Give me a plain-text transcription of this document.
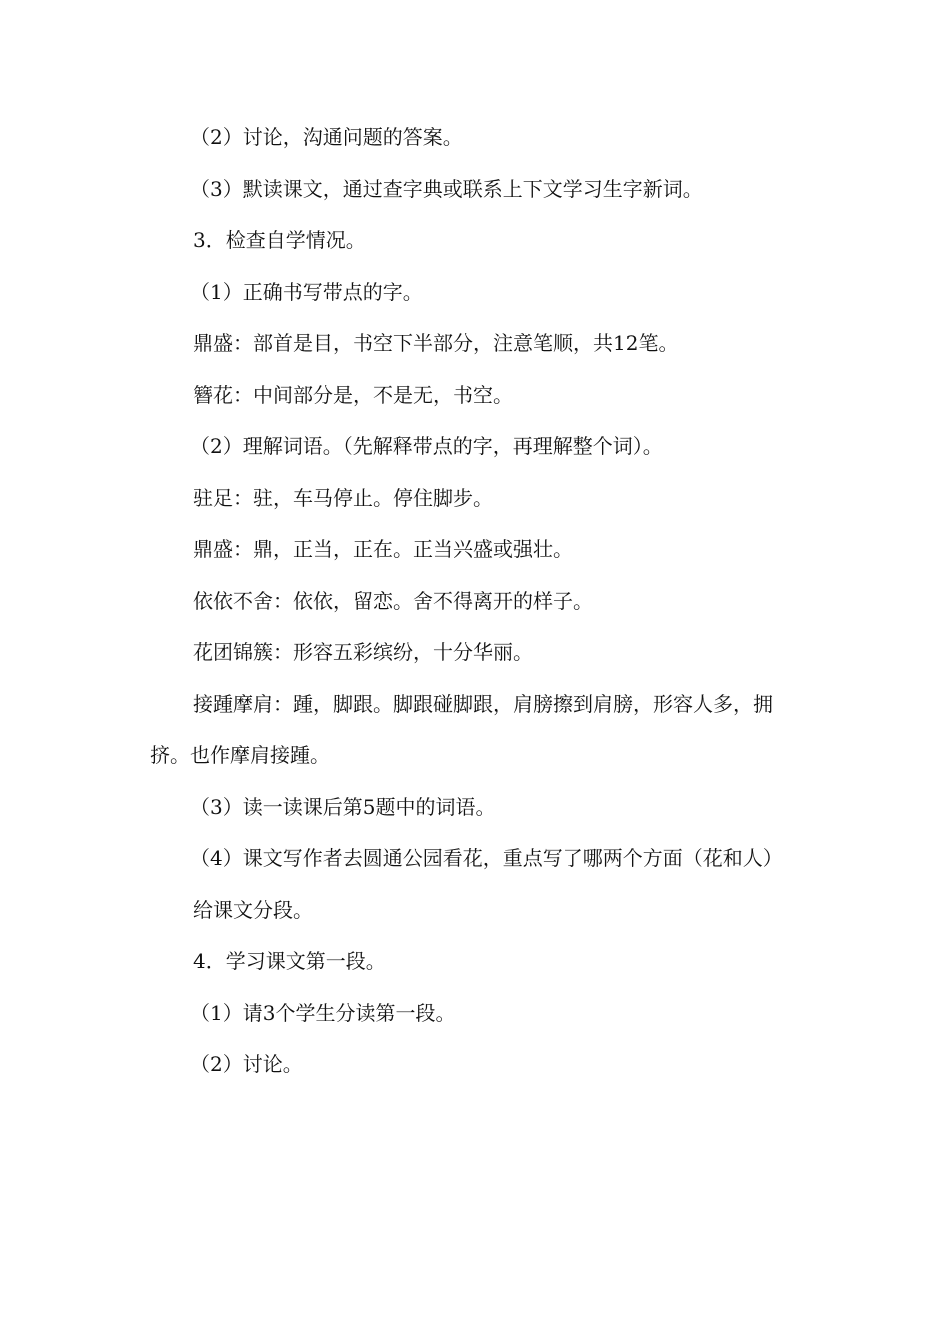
（2）讨论，沟通问题的答案。

（3）默读课文，通过查字典或联系上下文学习生字新词。

3．检查自学情况。

（1）正确书写带点的字。

鼎盛：部首是目，书空下半部分，注意笔顺，共12笔。

簪花：中间部分是，不是无，书空。

（2）理解词语。（先解释带点的字，再理解整个词）。

驻足：驻，车马停止。停住脚步。

鼎盛：鼎，正当，正在。正当兴盛或强壮。

依依不舍：依依，留恋。舍不得离开的样子。

花团锦簇：形容五彩缤纷，十分华丽。

接踵摩肩：踵，脚跟。脚跟碰脚跟，肩膀擦到肩膀，形容人多，拥挤。也作摩肩接踵。

（3）读一读课后第5题中的词语。

（4）课文写作者去圆通公园看花，重点写了哪两个方面（花和人）

给课文分段。

4．学习课文第一段。

（1）请3个学生分读第一段。

（2）讨论。
